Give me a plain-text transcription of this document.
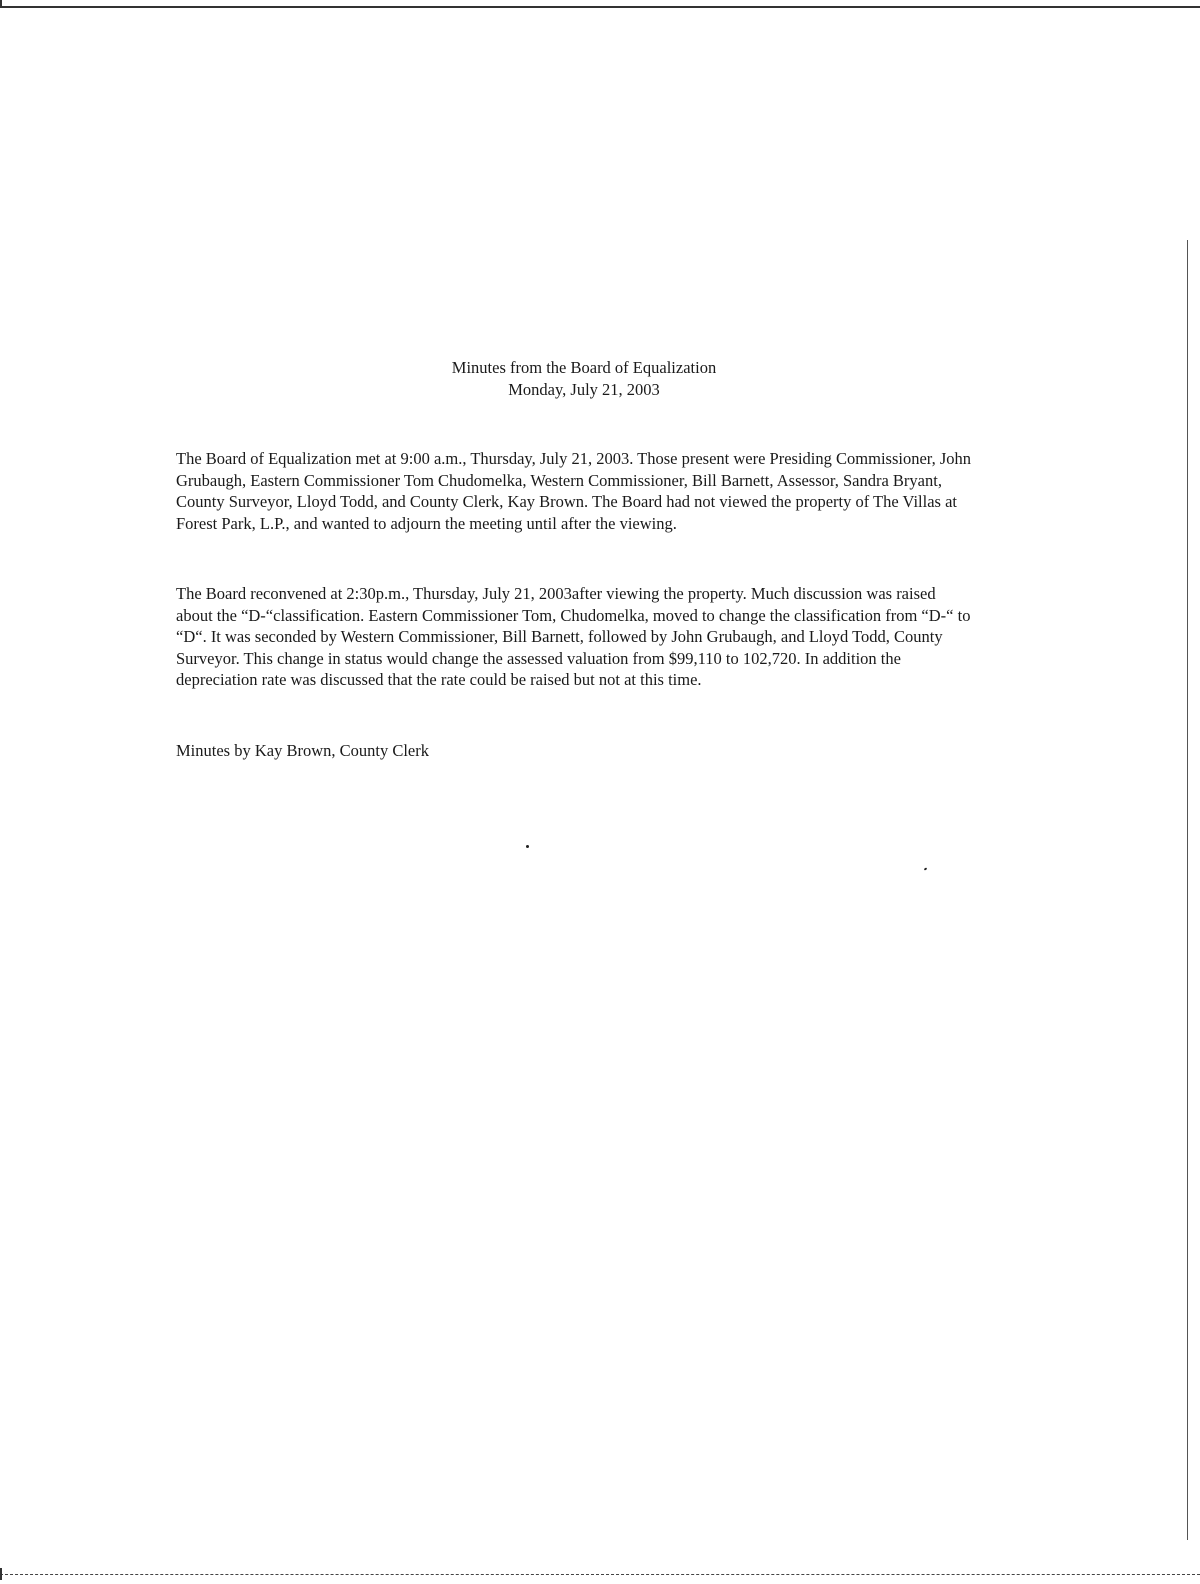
Minutes from the Board of Equalization
Monday, July 21, 2003

The Board of Equalization met at 9:00 a.m., Thursday, July 21, 2003. Those present were Presiding Commissioner, John Grubaugh, Eastern Commissioner Tom Chudomelka, Western Commissioner, Bill Barnett, Assessor, Sandra Bryant, County Surveyor, Lloyd Todd, and County Clerk, Kay Brown. The Board had not viewed the property of The Villas at Forest Park, L.P., and wanted to adjourn the meeting until after the viewing.

The Board reconvened at 2:30p.m., Thursday, July 21, 2003after viewing the property. Much discussion was raised about the “D-“classification. Eastern Commissioner Tom, Chudomelka, moved to change the classification from “D-“ to “D“. It was seconded by Western Commissioner, Bill Barnett, followed by John Grubaugh, and Lloyd Todd, County Surveyor. This change in status would change the assessed valuation from $99,110 to 102,720. In addition the depreciation rate was discussed that the rate could be raised but not at this time.

Minutes by Kay Brown, County Clerk
